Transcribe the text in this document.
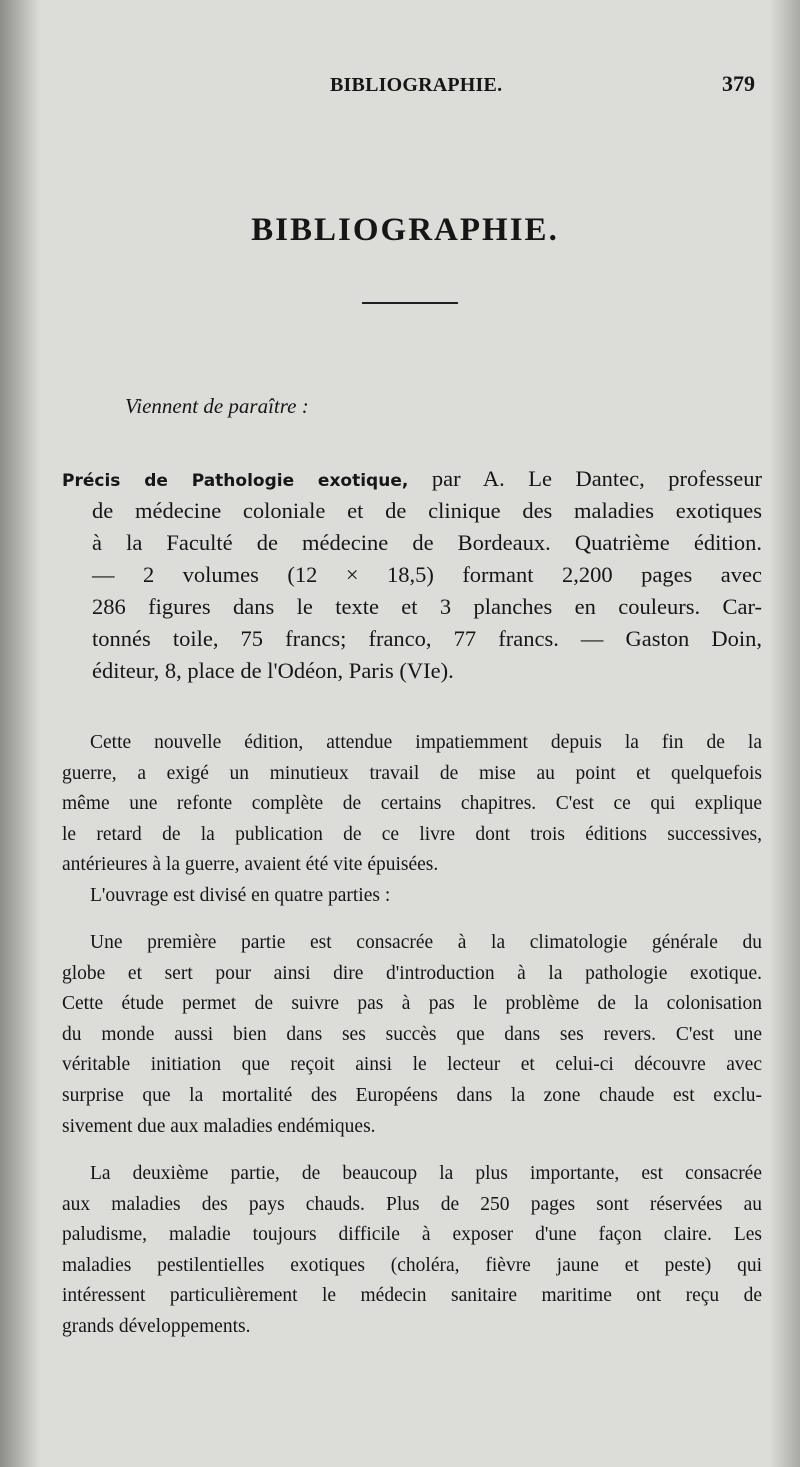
BIBLIOGRAPHIE.	379
BIBLIOGRAPHIE.
Viennent de paraître :
Précis de Pathologie exotique, par A. Le Dantec, professeur
de médecine coloniale et de clinique des maladies exotiques
à la Faculté de médecine de Bordeaux. Quatrième édition.
— 2 volumes (12 × 18,5) formant 2,200 pages avec
286 figures dans le texte et 3 planches en couleurs. Car-
tonnés toile, 75 francs; franco, 77 francs. — Gaston Doin,
éditeur, 8, place de l'Odéon, Paris (VIe).
Cette nouvelle édition, attendue impatiemment depuis la fin de la
guerre, a exigé un minutieux travail de mise au point et quelquefois
même une refonte complète de certains chapitres. C'est ce qui explique
le retard de la publication de ce livre dont trois éditions successives,
antérieures à la guerre, avaient été vite épuisées.
L'ouvrage est divisé en quatre parties :
Une première partie est consacrée à la climatologie générale du
globe et sert pour ainsi dire d'introduction à la pathologie exotique.
Cette étude permet de suivre pas à pas le problème de la colonisation
du monde aussi bien dans ses succès que dans ses revers. C'est une
véritable initiation que reçoit ainsi le lecteur et celui-ci découvre avec
surprise que la mortalité des Européens dans la zone chaude est exclu-
sivement due aux maladies endémiques.
La deuxième partie, de beaucoup la plus importante, est consacrée
aux maladies des pays chauds. Plus de 250 pages sont réservées au
paludisme, maladie toujours difficile à exposer d'une façon claire. Les
maladies pestilentielles exotiques (choléra, fièvre jaune et peste) qui
intéressent particulièrement le médecin sanitaire maritime ont reçu de
grands développements.
